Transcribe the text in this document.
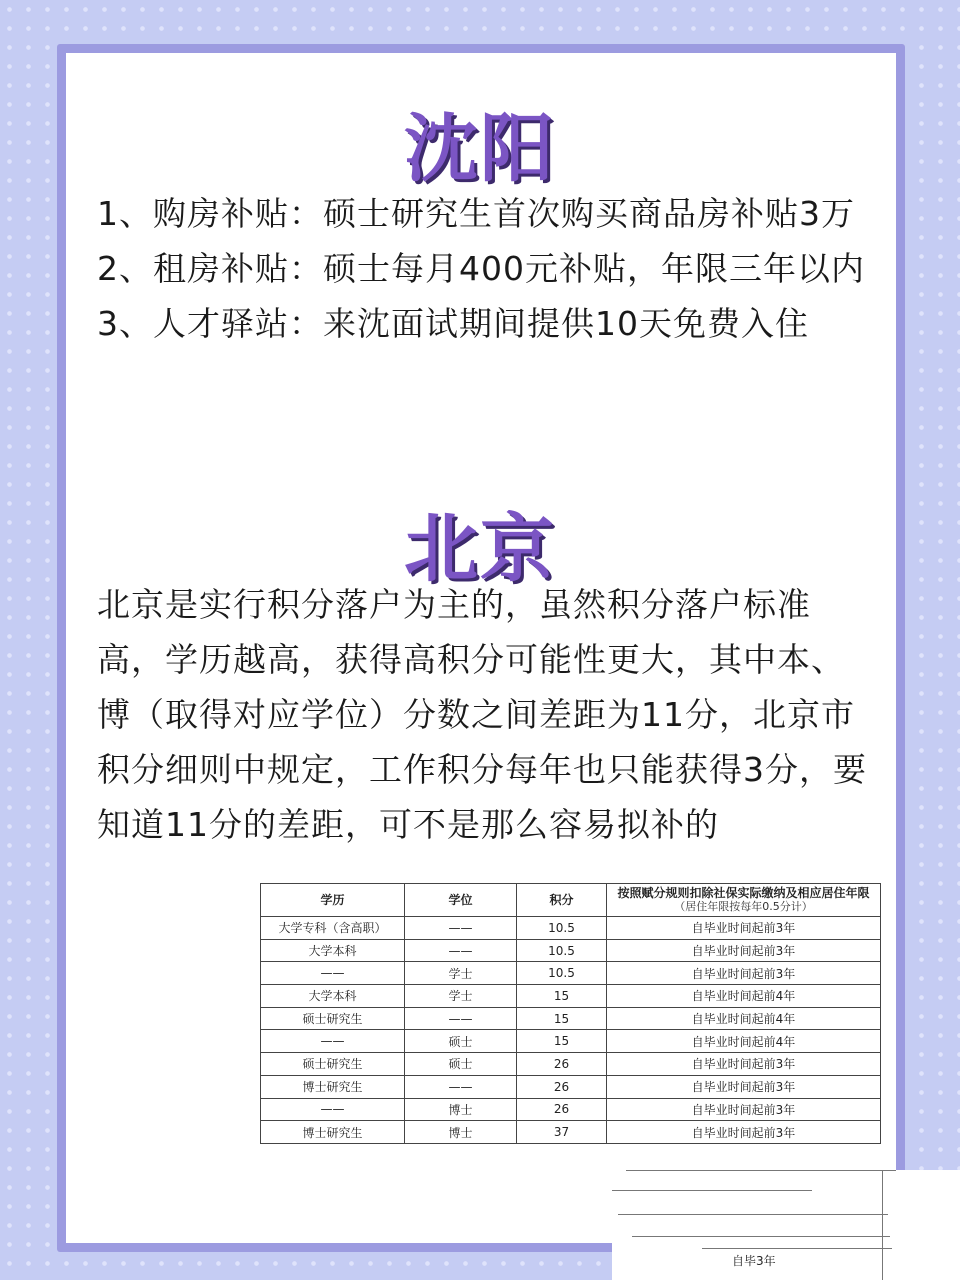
沈阳
1、购房补贴：硕士研究生首次购买商品房补贴3万
2、租房补贴：硕士每月400元补贴，年限三年以内
3、人才驿站：来沈面试期间提供10天免费入住
北京
北京是实行积分落户为主的，虽然积分落户标准高，学历越高，获得高积分可能性更大，其中本、博（取得对应学位）分数之间差距为11分，北京市积分细则中规定，工作积分每年也只能获得3分，要知道11分的差距，可不是那么容易拟补的
学历	学位	积分	按照赋分规则扣除社保实际缴纳及相应居住年限
（居住年限按每年0.5分计）

大学专科（含高职）	——	10.5	自毕业时间起前3年
大学本科	——	10.5	自毕业时间起前3年
——	学士	10.5	自毕业时间起前3年
大学本科	学士	15	自毕业时间起前4年
硕士研究生	——	15	自毕业时间起前4年
——	硕士	15	自毕业时间起前4年
硕士研究生	硕士	26	自毕业时间起前3年
博士研究生	——	26	自毕业时间起前3年
——	博士	26	自毕业时间起前3年
博士研究生	博士	37	自毕业时间起前3年
自毕3年
